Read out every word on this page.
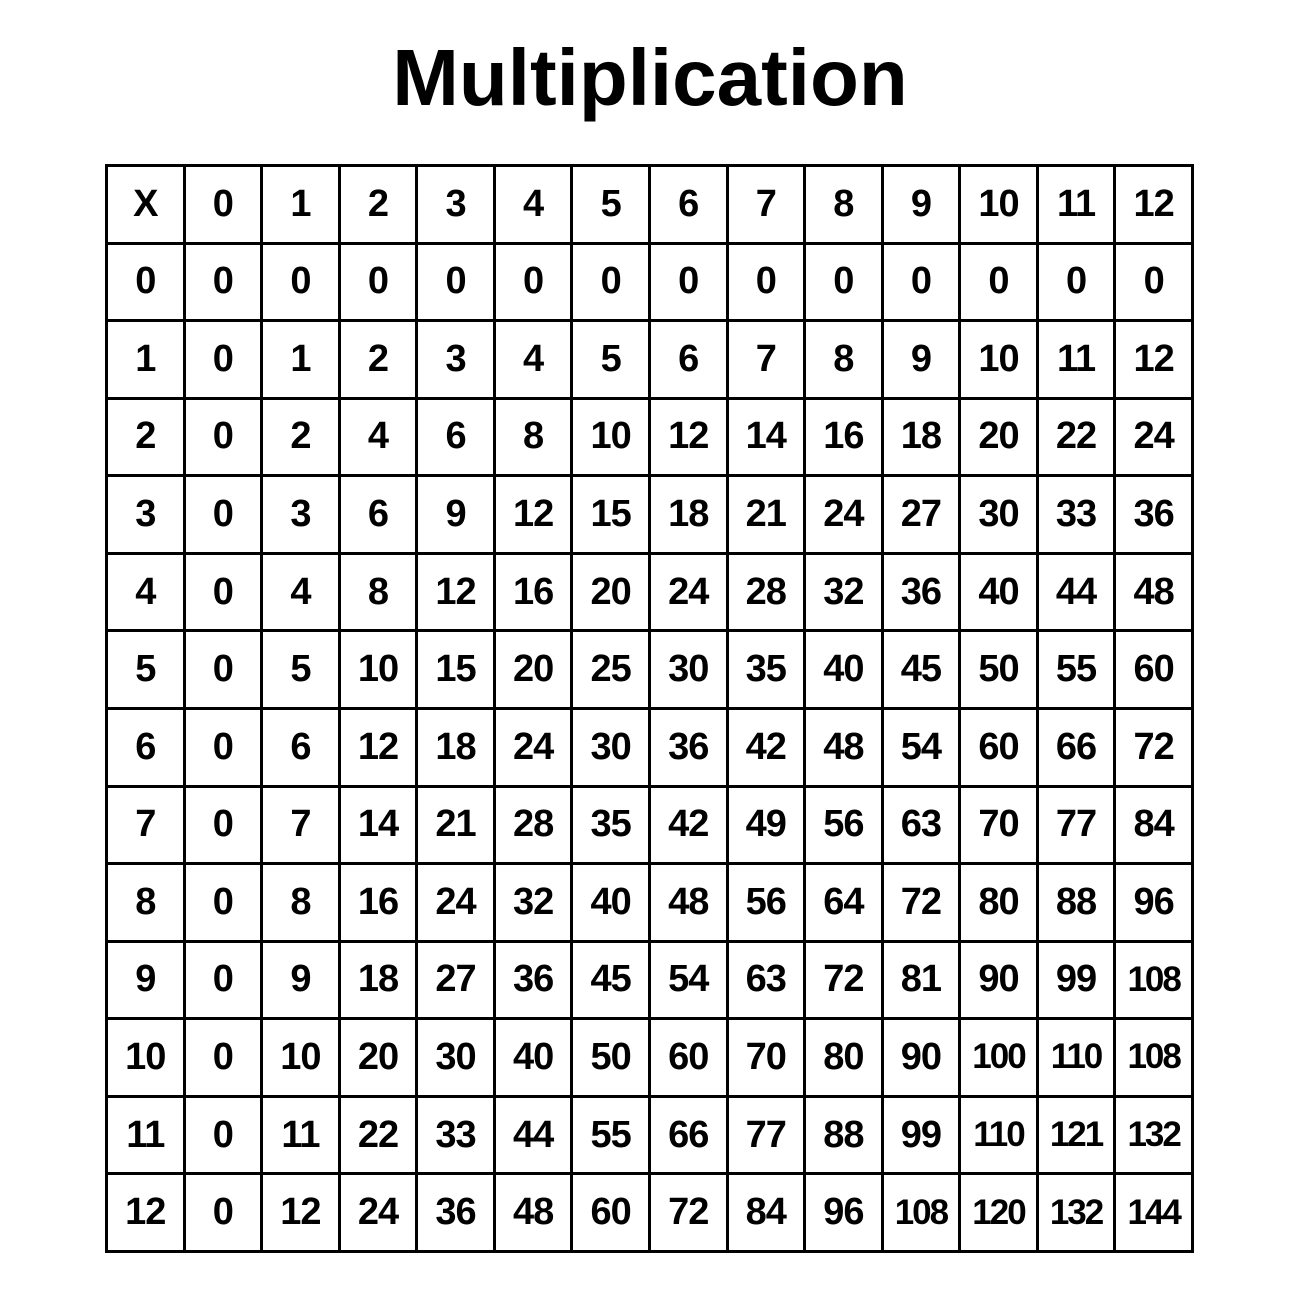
Multiplication
X	0	1	2	3	4	5	6	7	8	9	10	11	12
0	0	0	0	0	0	0	0	0	0	0	0	0	0
1	0	1	2	3	4	5	6	7	8	9	10	11	12
2	0	2	4	6	8	10	12	14	16	18	20	22	24
3	0	3	6	9	12	15	18	21	24	27	30	33	36
4	0	4	8	12	16	20	24	28	32	36	40	44	48
5	0	5	10	15	20	25	30	35	40	45	50	55	60
6	0	6	12	18	24	30	36	42	48	54	60	66	72
7	0	7	14	21	28	35	42	49	56	63	70	77	84
8	0	8	16	24	32	40	48	56	64	72	80	88	96
9	0	9	18	27	36	45	54	63	72	81	90	99	108
10	0	10	20	30	40	50	60	70	80	90	100	110	108
11	0	11	22	33	44	55	66	77	88	99	110	121	132
12	0	12	24	36	48	60	72	84	96	108	120	132	144
